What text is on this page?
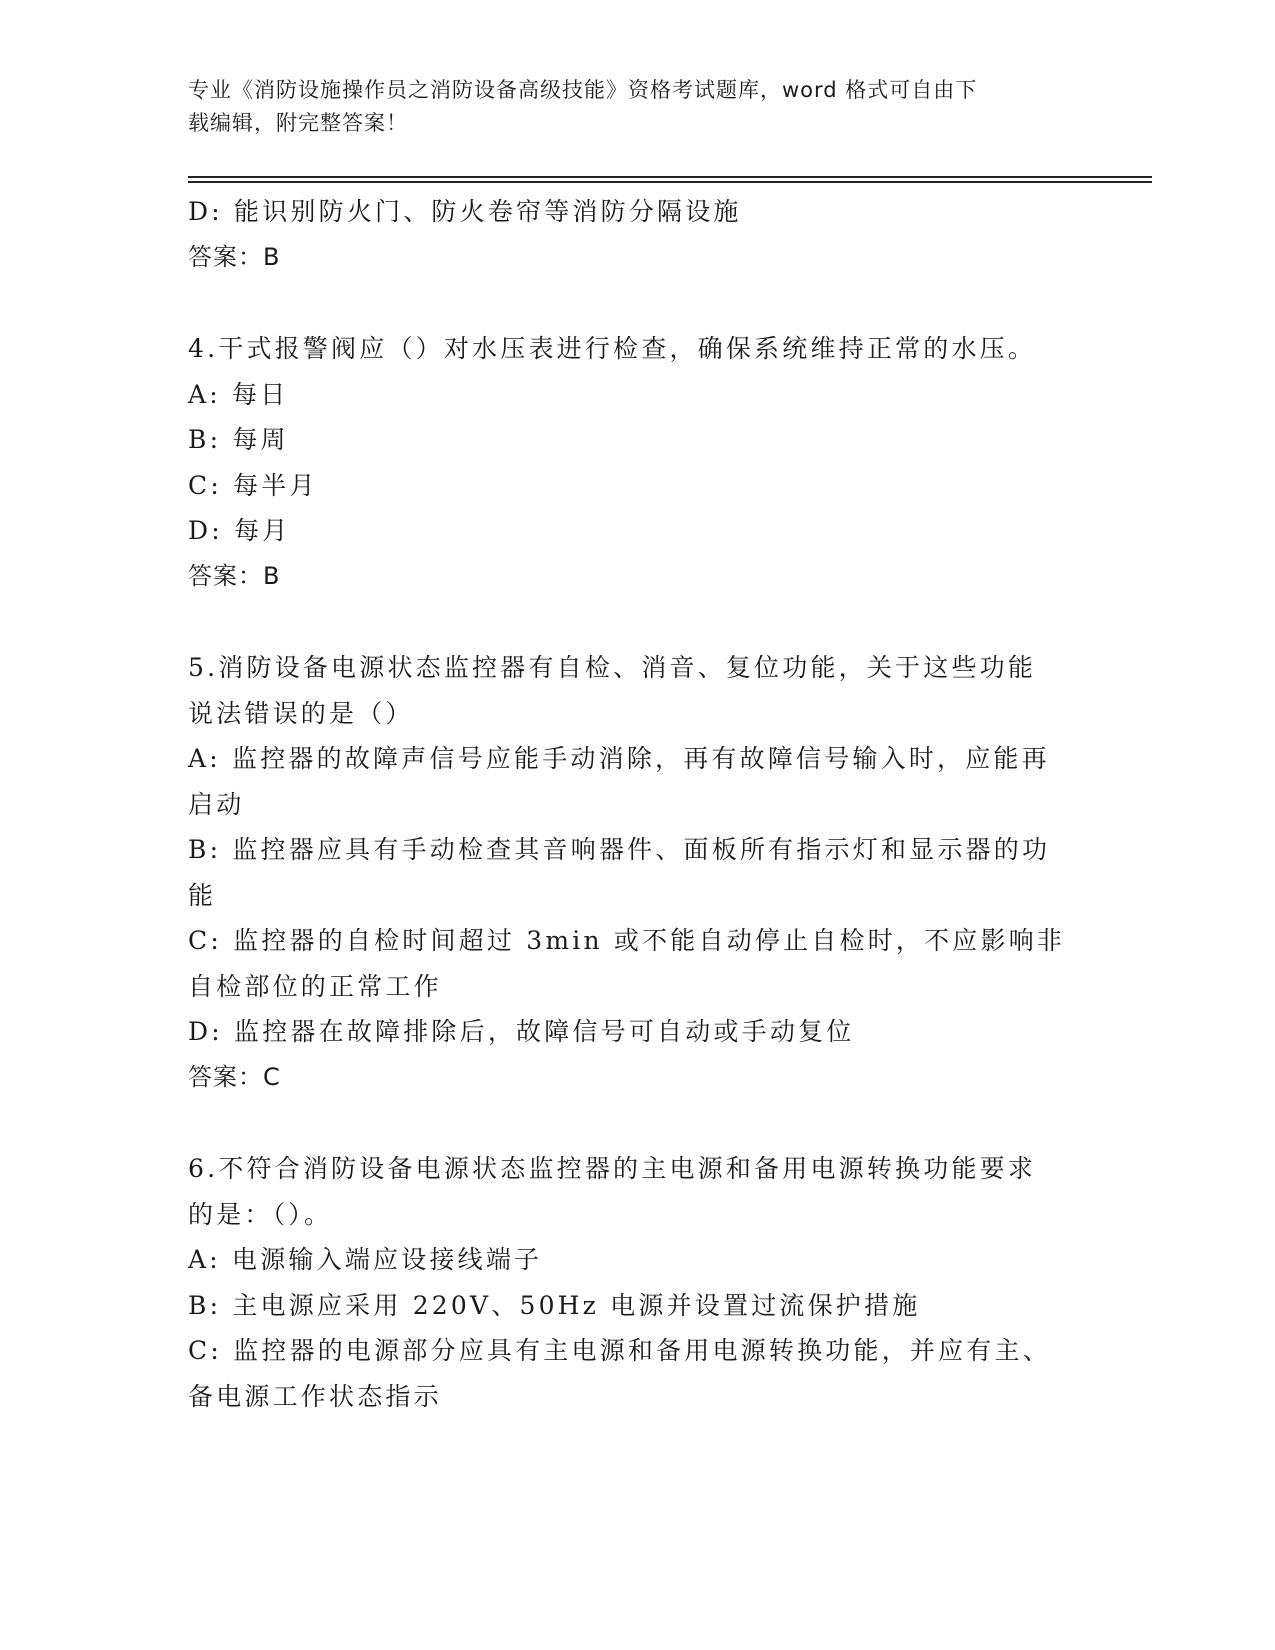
专业《消防设施操作员之消防设备高级技能》资格考试题库，word 格式可自由下
载编辑，附完整答案！
D: 能识别防火门、防火卷帘等消防分隔设施
答案：B
4.干式报警阀应（）对水压表进行检查，确保系统维持正常的水压。
A: 每日
B: 每周
C: 每半月
D: 每月
答案：B
5.消防设备电源状态监控器有自检、消音、复位功能，关于这些功能
说法错误的是（）
A: 监控器的故障声信号应能手动消除，再有故障信号输入时，应能再
启动
B: 监控器应具有手动检查其音响器件、面板所有指示灯和显示器的功
能
C: 监控器的自检时间超过 3min 或不能自动停止自检时，不应影响非
自检部位的正常工作
D: 监控器在故障排除后，故障信号可自动或手动复位
答案：C
6.不符合消防设备电源状态监控器的主电源和备用电源转换功能要求
的是：（）。
A: 电源输入端应设接线端子
B: 主电源应采用 220V、50Hz 电源并设置过流保护措施
C: 监控器的电源部分应具有主电源和备用电源转换功能，并应有主、
备电源工作状态指示
